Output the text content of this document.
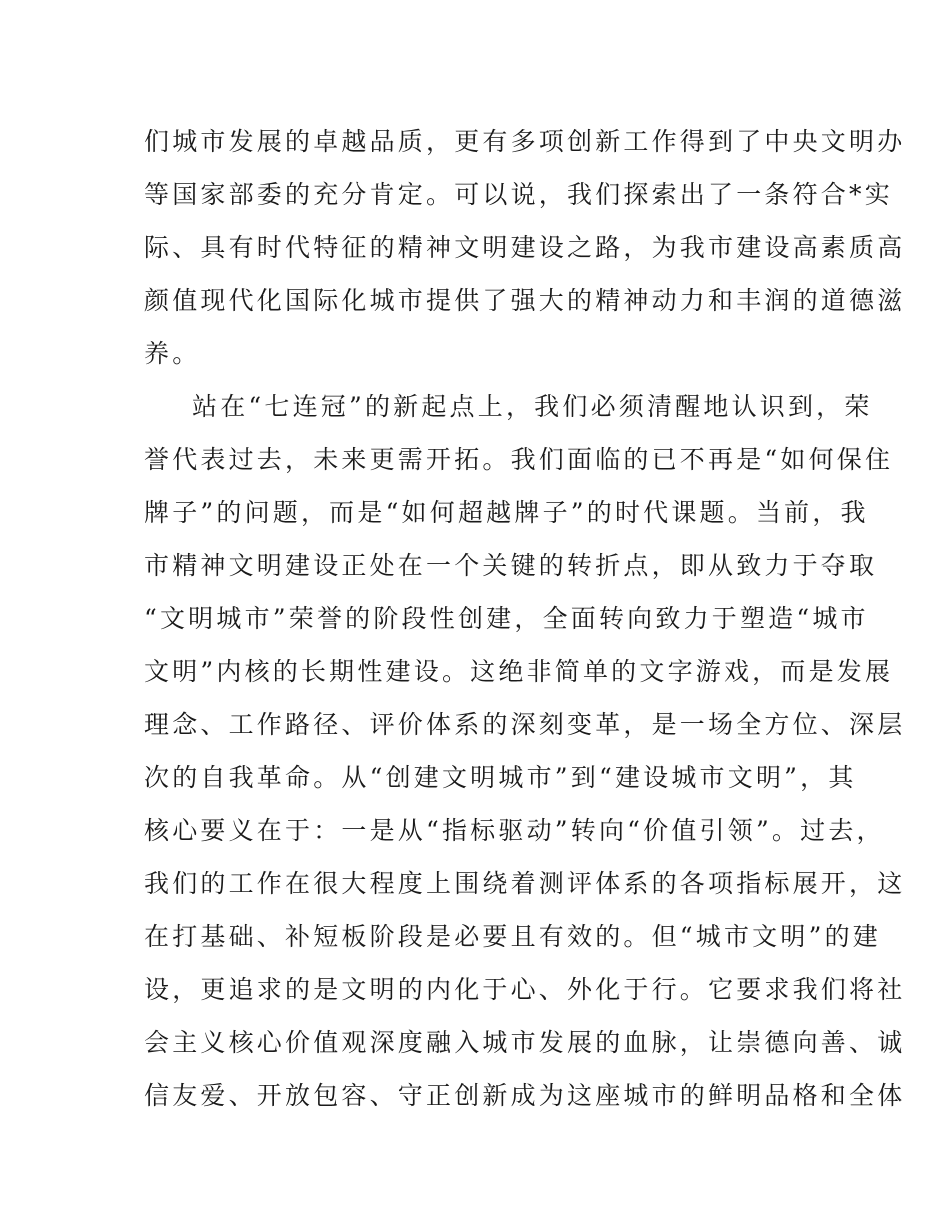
们城市发展的卓越品质，更有多项创新工作得到了中央文明办
等国家部委的充分肯定。可以说，我们探索出了一条符合*实
际、具有时代特征的精神文明建设之路，为我市建设高素质高
颜值现代化国际化城市提供了强大的精神动力和丰润的道德滋
养。
站在“七连冠”的新起点上，我们必须清醒地认识到，荣
誉代表过去，未来更需开拓。我们面临的已不再是“如何保住
牌子”的问题，而是“如何超越牌子”的时代课题。当前，我
市精神文明建设正处在一个关键的转折点，即从致力于夺取
“文明城市”荣誉的阶段性创建，全面转向致力于塑造“城市
文明”内核的长期性建设。这绝非简单的文字游戏，而是发展
理念、工作路径、评价体系的深刻变革，是一场全方位、深层
次的自我革命。从“创建文明城市”到“建设城市文明”，其
核心要义在于：一是从“指标驱动”转向“价值引领”。过去，
我们的工作在很大程度上围绕着测评体系的各项指标展开，这
在打基础、补短板阶段是必要且有效的。但“城市文明”的建
设，更追求的是文明的内化于心、外化于行。它要求我们将社
会主义核心价值观深度融入城市发展的血脉，让崇德向善、诚
信友爱、开放包容、守正创新成为这座城市的鲜明品格和全体
